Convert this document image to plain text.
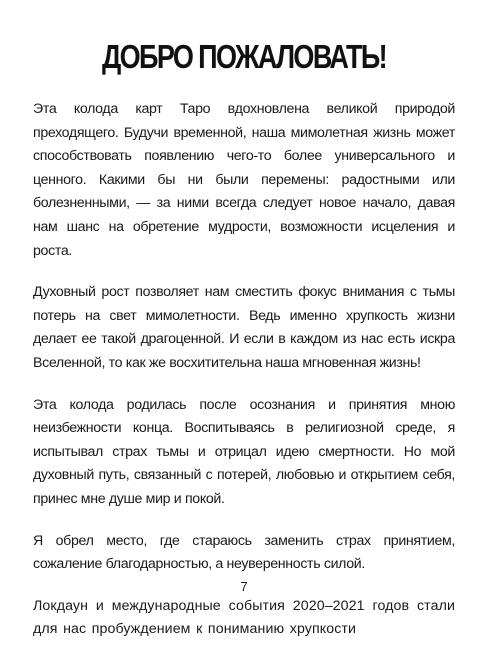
ДОБРО ПОЖАЛОВАТЬ!

Эта колода карт Таро вдохновлена великой природой преходящего. Будучи временной, наша мимолетная жизнь может способствовать появлению чего-то более универсального и ценного. Какими бы ни были перемены: радостными или болезненными, — за ними всегда следует новое начало, давая нам шанс на обретение мудрости, возможности исцеления и роста.

Духовный рост позволяет нам сместить фокус внимания с тьмы потерь на свет мимолетности. Ведь именно хрупкость жизни делает ее такой драгоценной. И если в каждом из нас есть искра Вселенной, то как же восхитительна наша мгновенная жизнь!

Эта колода родилась после осознания и принятия мною неизбежности конца. Воспитываясь в религиозной среде, я испытывал страх тьмы и отрицал идею смертности. Но мой духовный путь, связанный с потерей, любовью и открытием себя, принес мне душе мир и покой.

Я обрел место, где стараюсь заменить страх принятием, сожаление благодарностью, а неуверенность силой.

Локдаун и международные события 2020–2021 годов стали для нас пробуждением к пониманию хрупкости

7
